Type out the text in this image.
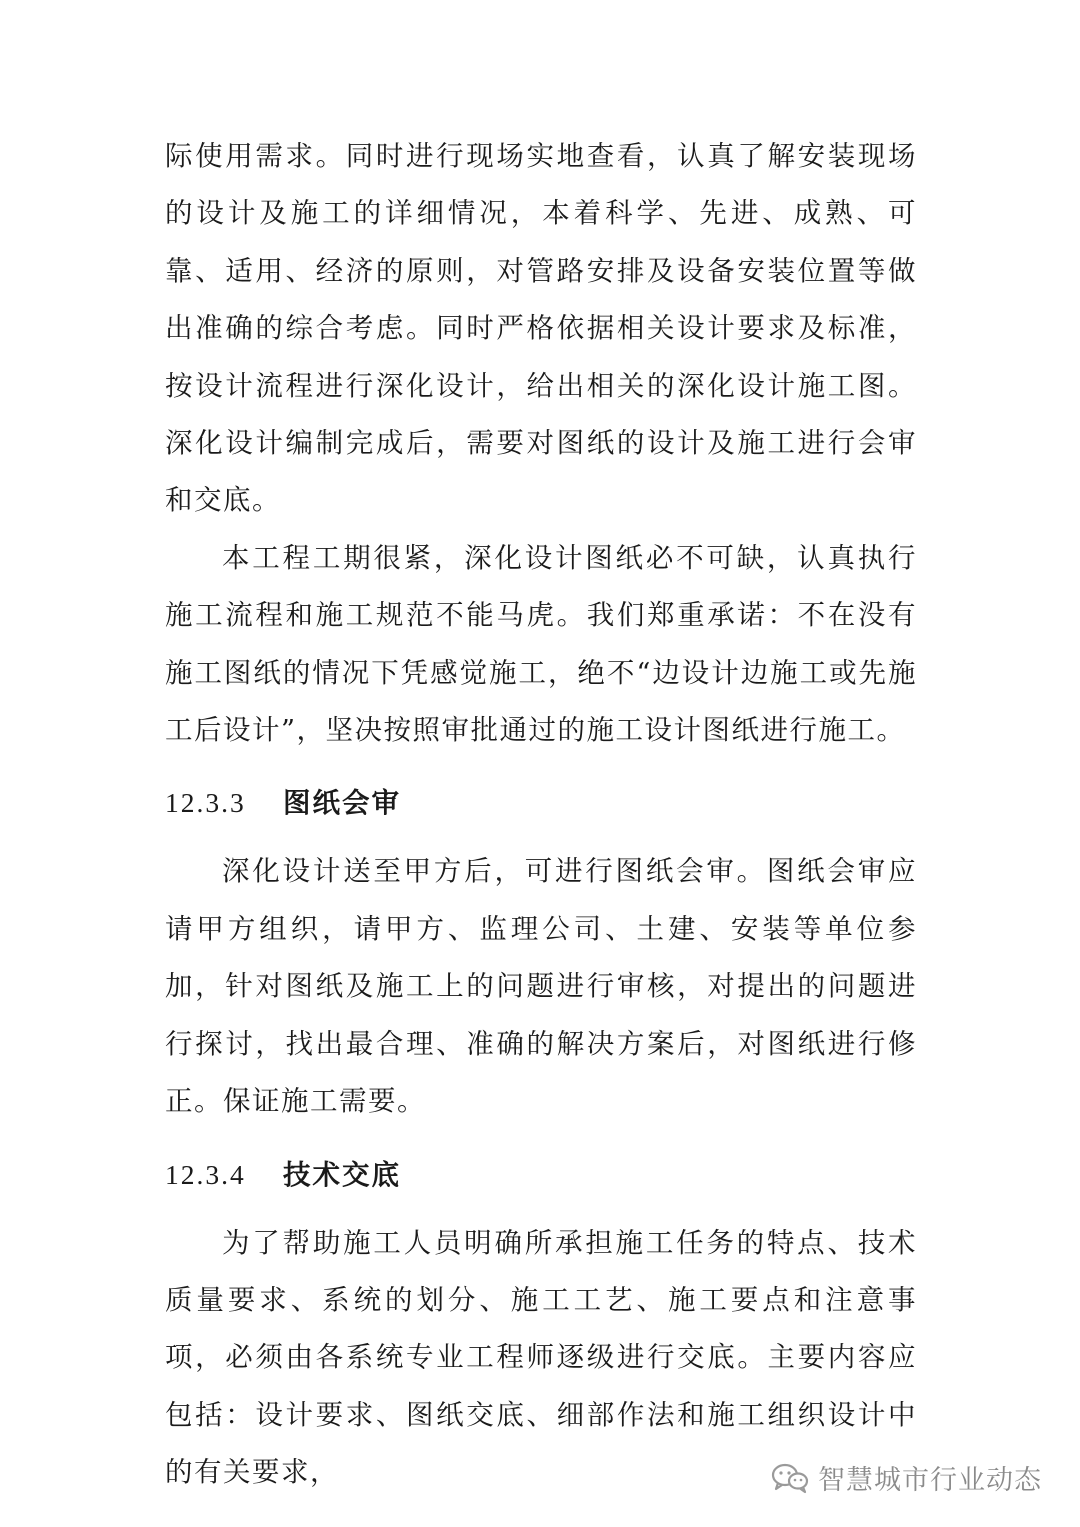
际使用需求。同时进行现场实地查看，认真了解安装现场的设计及施工的详细情况，本着科学、先进、成熟、可靠、适用、经济的原则，对管路安排及设备安装位置等做出准确的综合考虑。同时严格依据相关设计要求及标准，按设计流程进行深化设计，给出相关的深化设计施工图。深化设计编制完成后，需要对图纸的设计及施工进行会审和交底。

本工程工期很紧，深化设计图纸必不可缺，认真执行施工流程和施工规范不能马虎。我们郑重承诺：不在没有施工图纸的情况下凭感觉施工，绝不“边设计边施工或先施工后设计”，坚决按照审批通过的施工设计图纸进行施工。

12.3.3	图纸会审

深化设计送至甲方后，可进行图纸会审。图纸会审应请甲方组织，请甲方、监理公司、土建、安装等单位参加，针对图纸及施工上的问题进行审核，对提出的问题进行探讨，找出最合理、准确的解决方案后，对图纸进行修正。保证施工需要。

12.3.4	技术交底

为了帮助施工人员明确所承担施工任务的特点、技术质量要求、系统的划分、施工工艺、施工要点和注意事项，必须由各系统专业工程师逐级进行交底。主要内容应包括：设计要求、图纸交底、细部作法和施工组织设计中的有关要求，	智慧城市行业动态
